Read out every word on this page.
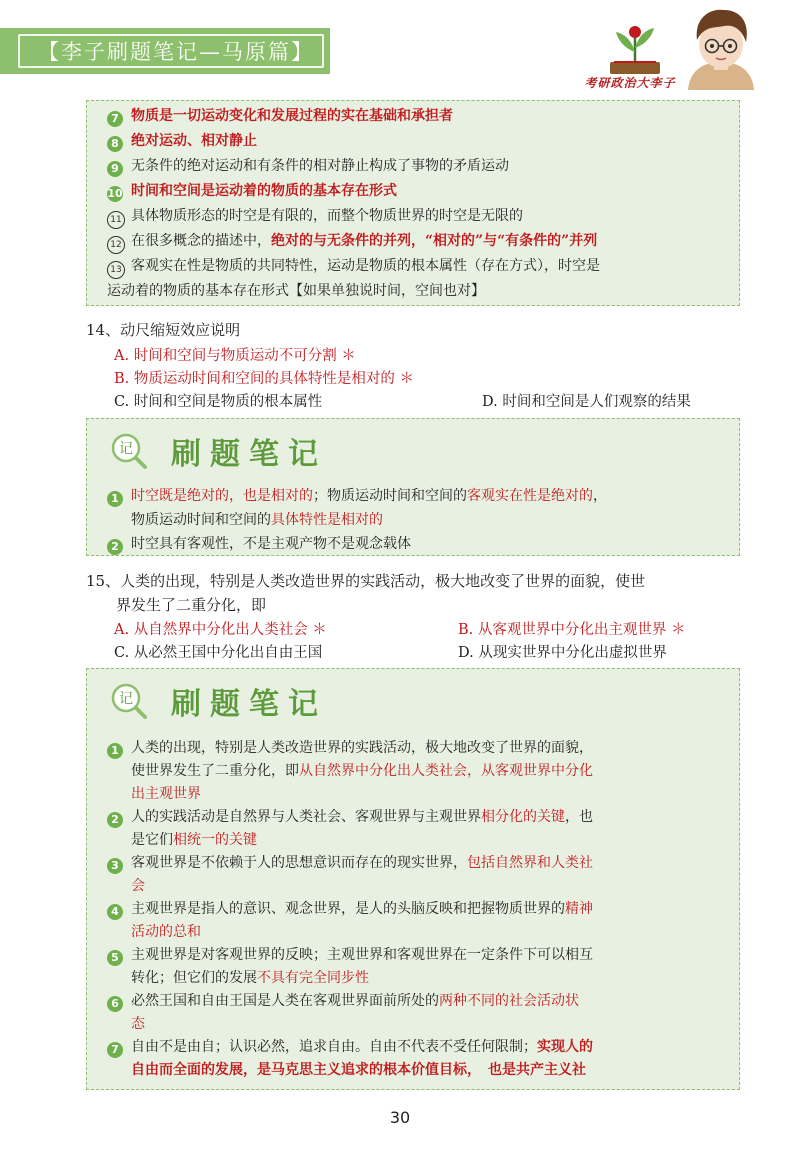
【李子刷题笔记—马原篇】
考研政治大李子
7 物质是一切运动变化和发展过程的实在基础和承担者
8 绝对运动、相对静止
9 无条件的绝对运动和有条件的相对静止构成了事物的矛盾运动
10 时间和空间是运动着的物质的基本存在形式
11 具体物质形态的时空是有限的，而整个物质世界的时空是无限的
12 在很多概念的描述中，绝对的与无条件的并列，“相对的”与“有条件的”并列
13 客观实在性是物质的共同特性，运动是物质的根本属性（存在方式），时空是
运动着的物质的基本存在形式【如果单独说时间，空间也对】
14、动尺缩短效应说明
A. 时间和空间与物质运动不可分割 ＊
B. 物质运动时间和空间的具体特性是相对的 ＊
C. 时间和空间是物质的根本属性	D. 时间和空间是人们观察的结果
记 刷题笔记
1 时空既是绝对的，也是相对的；物质运动时间和空间的客观实在性是绝对的，
物质运动时间和空间的具体特性是相对的
2 时空具有客观性，不是主观产物不是观念载体
15、人类的出现，特别是人类改造世界的实践活动，极大地改变了世界的面貌，使世
界发生了二重分化，即
A. 从自然界中分化出人类社会 ＊	B. 从客观世界中分化出主观世界 ＊
C. 从必然王国中分化出自由王国	D. 从现实世界中分化出虚拟世界
记 刷题笔记
1 人类的出现，特别是人类改造世界的实践活动，极大地改变了世界的面貌，
使世界发生了二重分化，即从自然界中分化出人类社会，从客观世界中分化
出主观世界
2 人的实践活动是自然界与人类社会、客观世界与主观世界相分化的关键，也
是它们相统一的关键
3 客观世界是不依赖于人的思想意识而存在的现实世界，包括自然界和人类社
会
4 主观世界是指人的意识、观念世界，是人的头脑反映和把握物质世界的精神
活动的总和
5 主观世界是对客观世界的反映；主观世界和客观世界在一定条件下可以相互
转化；但它们的发展不具有完全同步性
6 必然王国和自由王国是人类在客观世界面前所处的两种不同的社会活动状
态
7 自由不是由自；认识必然，追求自由。自由不代表不受任何限制；实现人的
自由而全面的发展，是马克思主义追求的根本价值目标，　也是共产主义社
30
